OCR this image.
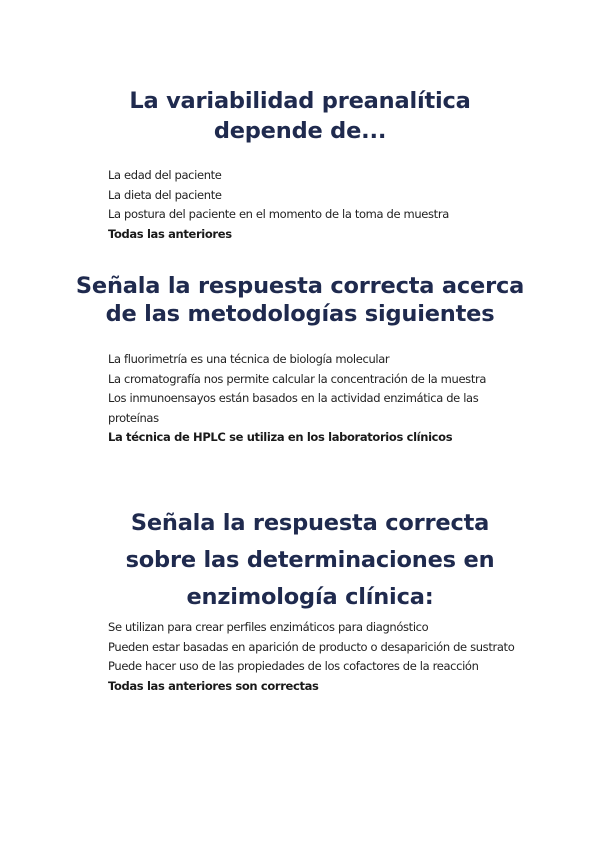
La variabilidad preanalítica depende de...
La edad del paciente
La dieta del paciente
La postura del paciente en el momento de la toma de muestra
Todas las anteriores
Señala la respuesta correcta acerca de las metodologías siguientes
La fluorimetría es una técnica de biología molecular
La cromatografía nos permite calcular la concentración de la muestra
Los inmunoensayos están basados en la actividad enzimática de las proteínas
La técnica de HPLC se utiliza en los laboratorios clínicos
Señala la respuesta correcta sobre las determinaciones en enzimología clínica:
Se utilizan para crear perfiles enzimáticos para diagnóstico
Pueden estar basadas en aparición de producto o desaparición de sustrato
Puede hacer uso de las propiedades de los cofactores de la reacción
Todas las anteriores son correctas
